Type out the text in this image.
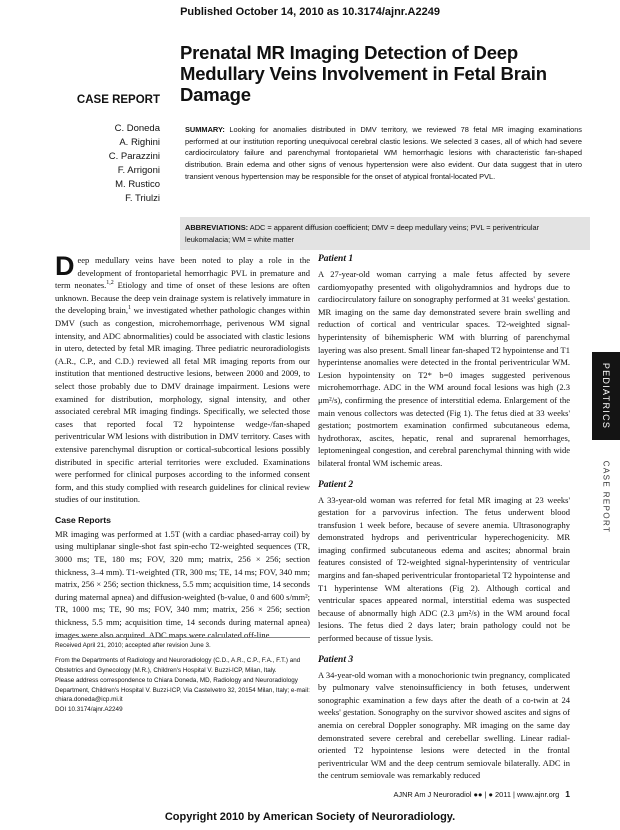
Published October 14, 2010 as 10.3174/ajnr.A2249
CASE REPORT
Prenatal MR Imaging Detection of Deep Medullary Veins Involvement in Fetal Brain Damage
C. Doneda
A. Righini
C. Parazzini
F. Arrigoni
M. Rustico
F. Triulzi
SUMMARY: Looking for anomalies distributed in DMV territory, we reviewed 78 fetal MR imaging examinations performed at our institution reporting unequivocal cerebral clastic lesions. We selected 3 cases, all of which had severe cardiocirculatory failure and parenchymal frontoparietal WM hemorrhagic lesions with characteristic fan-shaped distribution. Brain edema and other signs of venous hypertension were also evident. Our data suggest that in utero transient venous hypertension may be responsible for the onset of atypical frontal-located PVL.
ABBREVIATIONS: ADC = apparent diffusion coefficient; DMV = deep medullary veins; PVL = periventricular leukomalacia; WM = white matter

Deep medullary veins have been noted to play a role in the development of frontoparietal hemorrhagic PVL in premature and term neonates.$^{1,2}$ Etiology and time of onset of these lesions are often unknown. Because the deep vein drainage system is relatively immature in the developing brain,$^1$ we investigated whether pathologic changes within DMV (such as congestion, microhemorrhage, perivenous WM signal intensity, and ADC abnormalities) could be associated with clastic lesions in utero, detected by fetal MR imaging. Three pediatric neuroradiologists (A.R., C.P., and C.D.) reviewed all fetal MR imaging reports from our institution that mentioned destructive lesions, between 2000 and 2009, to select those probably due to DMV drainage impairment. Lesions were examined for distribution, morphology, signal intensity, and other associated cerebral MR imaging findings. Specifically, we selected those cases that reported focal T2 hypointense wedge-/fan-shaped periventricular WM lesions with distribution in DMV territory. Cases with extensive parenchymal disruption or cortical-subcortical lesions possibly distributed in specific arterial territories were excluded. Examinations were performed for clinical purposes according to the informed consent form, and this study complied with research guidelines for clinical review studies of our institution.

Case Reports

MR imaging was performed at 1.5T (with a cardiac phased-array coil) by using multiplanar single-shot fast spin-echo T2-weighted sequences (TR, 3000 ms; TE, 180 ms; FOV, 320 mm; matrix, 256 × 256; section thickness, 3–4 mm). T1-weighted (TR, 300 ms; TE, 14 ms; FOV, 340 mm; matrix, 256 × 256; section thickness, 5.5 mm; acquisition time, 14 seconds during maternal apnea) and diffusion-weighted (b-value, 0 and 600 s/mm²; TR, 1000 ms; TE, 90 ms; FOV, 340 mm; matrix, 256 × 256; section thickness, 5.5 mm; acquisition time, 14 seconds during maternal apnea) images were also acquired. ADC maps were calculated off-line.

Received April 21, 2010; accepted after revision June 3.
From the Departments of Radiology and Neuroradiology (C.D., A.R., C.P., F.A., F.T.) and Obstetrics and Gynecology (M.R.), Children's Hospital V. Buzzi-ICP, Milan, Italy.
Please address correspondence to Chiara Doneda, MD, Radiology and Neuroradiology Department, Children's Hospital V. Buzzi-ICP, Via Castelvetro 32, 20154 Milan, Italy; e-mail: chiara.doneda@icp.mi.it
DOI 10.3174/ajnr.A2249
Patient 1

A 27-year-old woman carrying a male fetus affected by severe cardiomyopathy presented with oligohydramnios and hydrops due to cardiocirculatory failure on sonography performed at 31 weeks' gestation. MR imaging on the same day demonstrated severe brain swelling and reduction of cortical and ventricular spaces. T2-weighted signal-hyperintensity of bihemispheric WM with blurring of parenchymal layering was also present. Small linear fan-shaped T2 hypointense and T1 hyperintense anomalies were detected in the frontal periventricular WM. Lesion hypointensity on T2* b=0 images suggested perivenous microhemorrhage. ADC in the WM around focal lesions was high (2.3 μm²/s), confirming the presence of interstitial edema. Enlargement of the main venous collectors was detected (Fig 1). The fetus died at 33 weeks' gestation; postmortem examination confirmed subcutaneous edema, hydrothorax, ascites, hepatic, renal and suprarenal hemorrhages, leptomeningeal congestion, and cerebral parenchymal thinning with wide bilateral frontal WM ischemic areas.

Patient 2

A 33-year-old woman was referred for fetal MR imaging at 23 weeks' gestation for a parvovirus infection. The fetus underwent blood transfusion 1 week before, because of severe anemia. Ultrasonography demonstrated hydrops and periventricular hyperechogenicity. MR imaging confirmed subcutaneous edema and ascites; abnormal brain features consisted of T2-weighted signal-hyperintensity of ventricular margins and fan-shaped periventricular frontoparietal T2 hypointense and T1 hyperintense WM alterations (Fig 2). Although cortical and ventricular spaces appeared normal, interstitial edema was suspected because of abnormally high ADC (2.3 μm²/s) in the WM around focal lesions. The fetus died 2 days later; brain pathology could not be performed because of tissue lysis.

Patient 3

A 34-year-old woman with a monochorionic twin pregnancy, complicated by pulmonary valve stenoinsufficiency in both fetuses, underwent sonographic examination a few days after the death of a co-twin at 24 weeks' gestation. Sonography on the survivor showed ascites and signs of anemia on cerebral Doppler sonography. MR imaging on the same day demonstrated severe cerebral and cerebellar swelling. Linear radial-oriented T2 hypointense lesions were detected in the frontal periventricular WM and the deep centrum semiovale bilaterally. ADC in the centrum semiovale was remarkably reduced

PEDIATRICS
CASE REPORT
AJNR Am J Neuroradiol ●● | ● 2011 | www.ajnr.org 1
Copyright 2010 by American Society of Neuroradiology.
